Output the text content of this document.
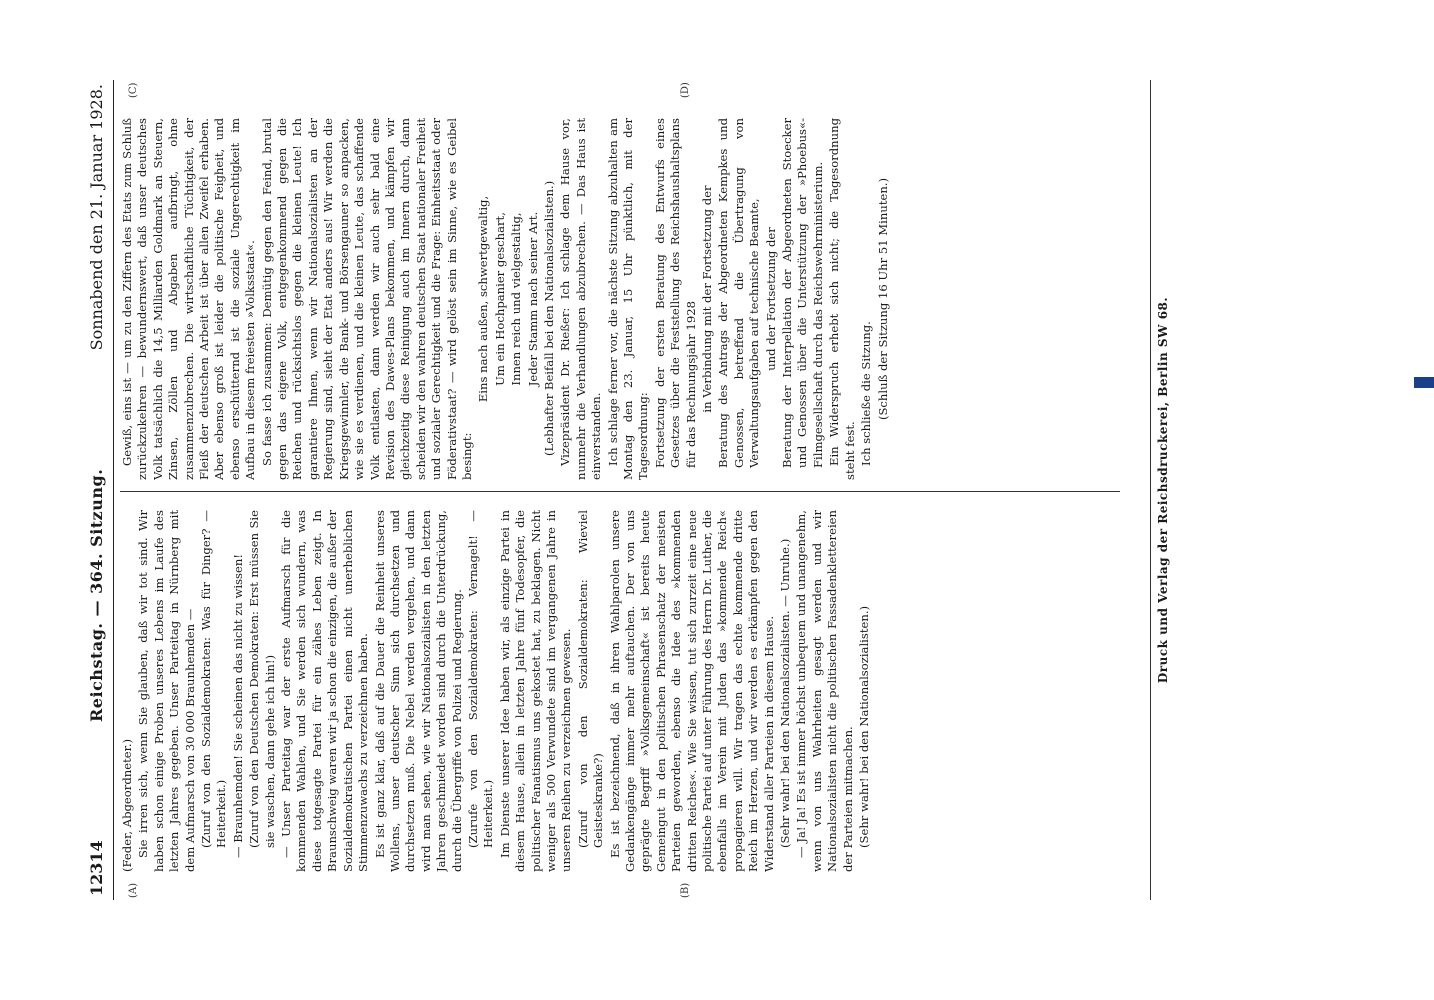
12314
Reichstag. — 364. Sitzung.
Sonnabend den 21. Januar 1928.

(Feder, Abgeordneter.) Sie irren sich, wenn Sie glauben, daß wir tot sind. Wir haben schon einige Proben unseres Lebens im Laufe des letzten Jahres gegeben. Unser Parteitag in Nürnberg mit dem Aufmarsch von 30 000 Braunhemden — (Zuruf von den Sozialdemokraten: Was für Dinger? — Heiterkeit.) — Braunhemden! Sie scheinen das nicht zu wissen! (Zuruf von den Deutschen Demokraten: Erst müssen Sie sie waschen, dann gehe ich hin!) — Unser Parteitag war der erste Aufmarsch für die kommenden Wahlen, und Sie werden sich wundern, was diese totgesagte Partei für ein zähes Leben zeigt. In Braunschweig waren wir ja schon die einzigen, die außer der Sozialdemokratischen Partei einen nicht unerheblichen Stimmenzuwachs zu verzeichnen haben. Es ist ganz klar, daß auf die Dauer die Reinheit unseres Wollens, unser deutscher Sinn sich durchsetzen und durchsetzen muß. Die Nebel werden vergehen, und dann wird man sehen, wie wir Nationalsozialisten in den letzten Jahren geschmiedet worden sind durch die Unterdrückung, durch die Übergriffe von Polizei und Regierung. (Zurufe von den Sozialdemokraten: Vernagelt! — Heiterkeit.) Im Dienste unserer Idee haben wir, als einzige Partei in diesem Hause, allein in letzten Jahre fünf Todesopfer, die politischer Fanatismus uns gekostet hat, zu beklagen. Nicht weniger als 500 Verwundete sind im vergangenen Jahre in unseren Reihen zu verzeichnen gewesen. (Zuruf von den Sozialdemokraten: Wieviel Geisteskranke?) Es ist bezeichnend, daß in ihren Wahlparolen unsere Gedankengänge immer mehr auftauchen. Der von uns geprägte Begriff »Volksgemeinschaft« ist bereits heute Gemeingut in den politischen Phrasenschatz der meisten Parteien geworden, ebenso die Idee des »kommenden dritten Reiches«. Wie Sie wissen, tut sich zurzeit eine neue politische Partei auf unter Führung des Herrn Dr. Luther, die ebenfalls im Verein mit Juden das »kommende Reich« propagieren will. Wir tragen das echte kommende dritte Reich im Herzen, und wir werden es erkämpfen gegen den Widerstand aller Parteien in diesem Hause. (Sehr wahr! bei den Nationalsozialisten. — Unruhe.) — Ja! Ja! Es ist immer höchst unbequem und unangenehm, wenn von uns Wahrheiten gesagt werden und wir Nationalsozialisten nicht die politischen Fassadenklettereien der Parteien mitmachen. (Sehr wahr! bei den Nationalsozialisten.)

Gewiß, eins ist — um zu den Ziffern des Etats zum Schluß zurückzukehren — bewundernswert, daß unser deutsches Volk tatsächlich die 14,5 Milliarden Goldmark an Steuern, Zinsen, Zöllen und Abgaben aufbringt, ohne zusammenzubrechen. Die wirtschaftliche Tüchtigkeit, der Fleiß der deutschen Arbeit ist über allen Zweifel erhaben. Aber ebenso groß ist leider die politische Feigheit, und ebenso erschütternd ist die soziale Ungerechtigkeit im Aufbau in diesem freiesten »Volksstaat«. So fasse ich zusammen: Demütig gegen den Feind, brutal gegen das eigene Volk, entgegenkommend gegen die Reichen und rücksichtslos gegen die kleinen Leute! Ich garantiere Ihnen, wenn wir Nationalsozialisten an der Regierung sind, sieht der Etat anders aus! Wir werden die Kriegsgewinnler, die Bank- und Börsengauner so anpacken, wie sie es verdienen, und die kleinen Leute, das schaffende Volk entlasten, dann werden wir auch sehr bald eine Revision des Dawes-Plans bekommen, und kämpfen wir gleichzeitig diese Reinigung auch im Innern durch, dann scheiden wir den wahren deutschen Staat nationaler Freiheit und sozialer Gerechtigkeit und die Frage: Einheitsstaat oder Föderativstaat? — wird gelöst sein im Sinne, wie es Geibel besingt:

Eins nach außen, schwertgewaltig, Um ein Hochpanier geschart, Innen reich und vielgestaltig, Jeder Stamm nach seiner Art. (Lebhafter Beifall bei den Nationalsozialisten.) Vizepräsident Dr. Rießer: Ich schlage dem Hause vor, nunmehr die Verhandlungen abzubrechen. — Das Haus ist einverstanden. Ich schlage ferner vor, die nächste Sitzung abzuhalten am Montag den 23. Januar, 15 Uhr pünktlich, mit der Tagesordnung: Fortsetzung der ersten Beratung des Entwurfs eines Gesetzes über die Feststellung des Reichshaushaltsplans für das Rechnungsjahr 1928 in Verbindung mit der Fortsetzung der Beratung des Antrags der Abgeordneten Kempkes und Genossen, betreffend die Übertragung von Verwaltungsaufgaben auf technische Beamte, und der Fortsetzung der Beratung der Interpellation der Abgeordneten Stoecker und Genossen über die Unterstützung der »Phoebus«-Filmgesellschaft durch das Reichswehrministerium. Ein Widerspruch erhebt sich nicht; die Tagesordnung steht fest. Ich schließe die Sitzung. (Schluß der Sitzung 16 Uhr 51 Minuten.)

(A)	(B)
(C)	(D)
Druck und Verlag der Reichsdruckerei, Berlin SW 68.
